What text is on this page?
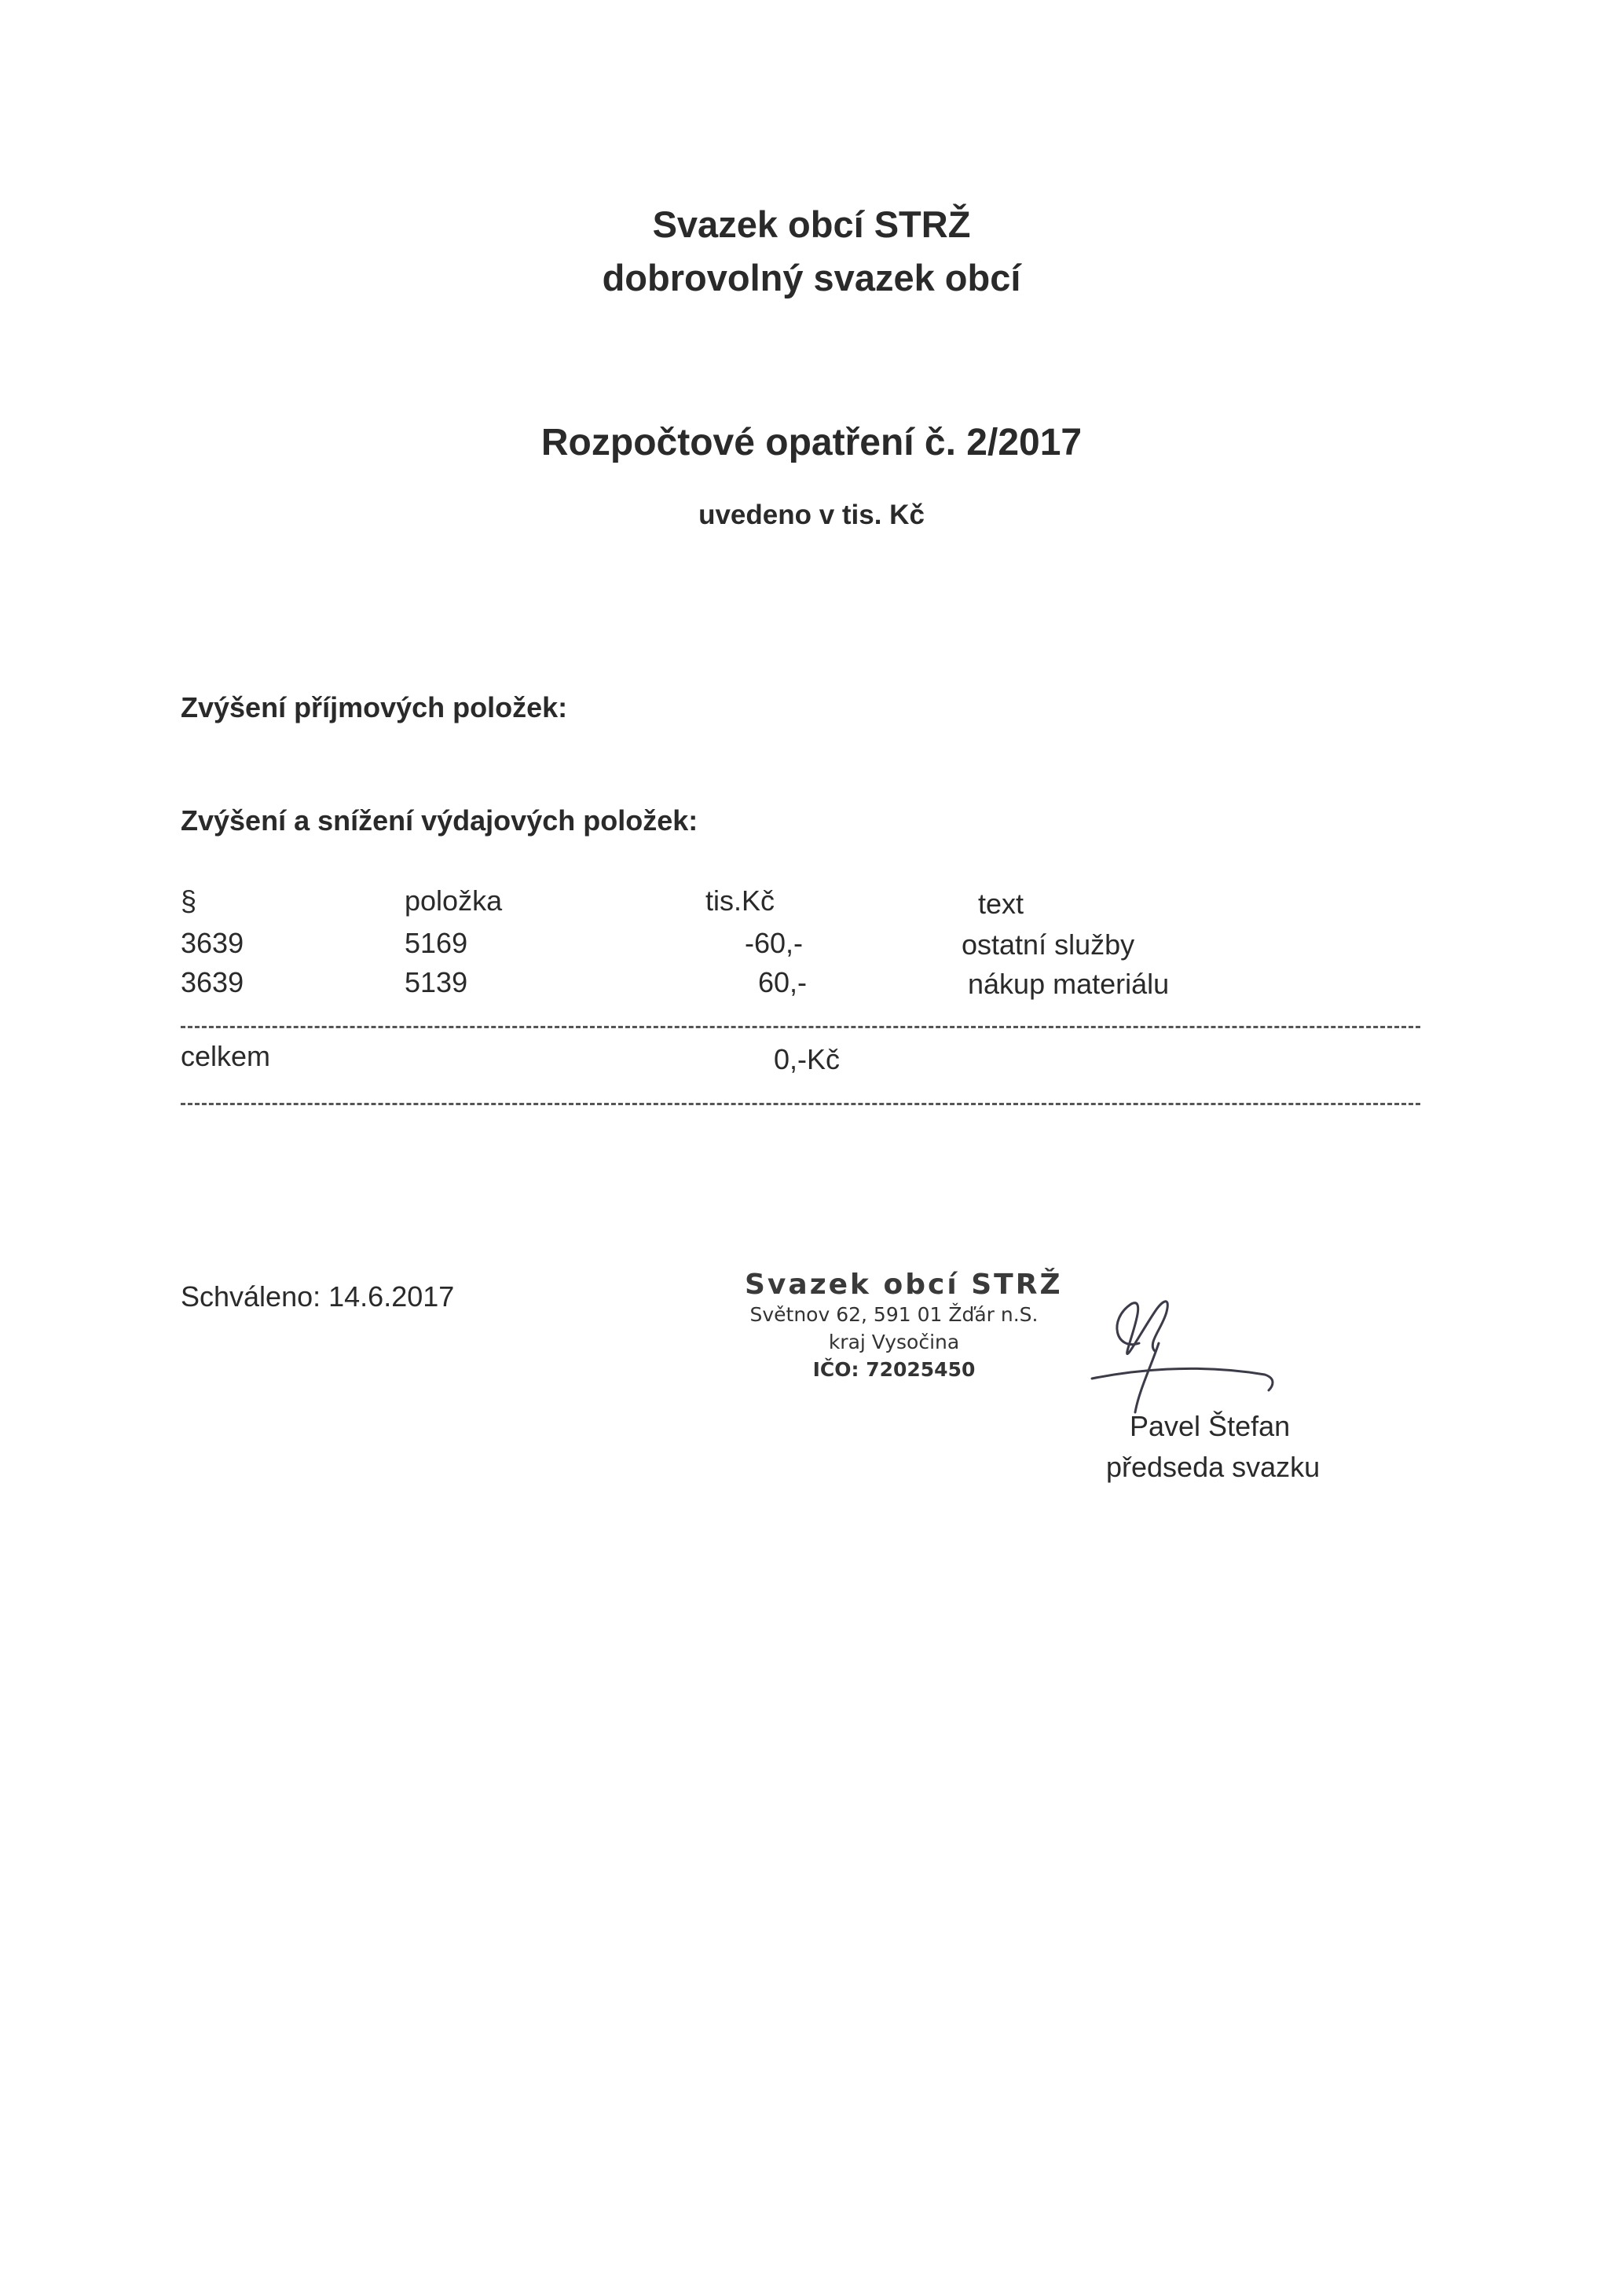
Svazek obcí STRŽ
dobrovolný svazek obcí
Rozpočtové opatření č. 2/2017
uvedeno v tis. Kč
Zvýšení příjmových položek:
Zvýšení a snížení výdajových položek:
§	položka	tis.Kč	text
3639	5169	-60,-	ostatní služby
3639	5139	60,-	nákup materiálu
celkem	0,-Kč
Schváleno: 14.6.2017	Svazek obcí STRŽ
Světnov 62, 591 01 Žďár n.S.
kraj Vysočina
IČO: 72025450
Pavel Štefan
předseda svazku
